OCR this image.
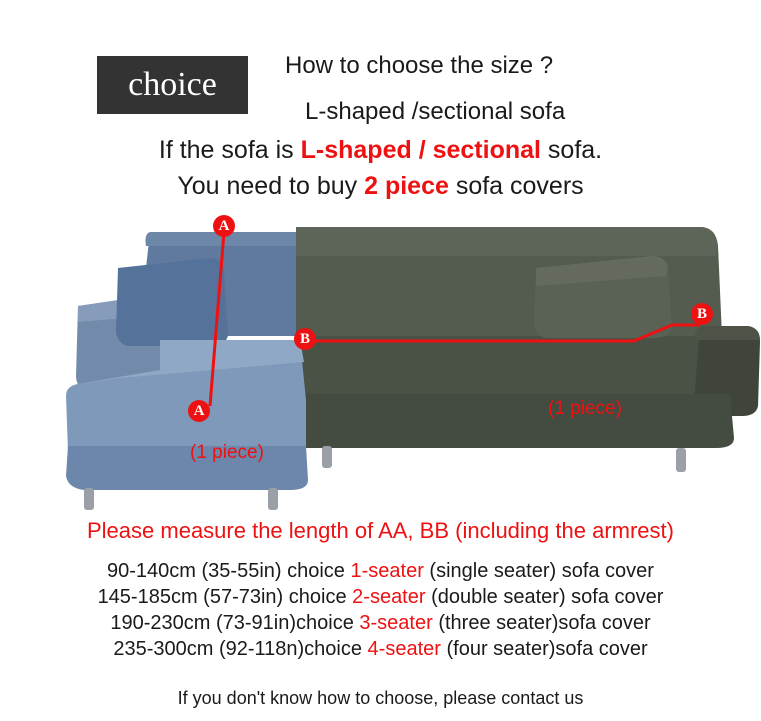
choice
How to choose the size ?
L-shaped /sectional sofa
If the sofa is L-shaped / sectional sofa.
You need to buy 2 piece sofa covers
A
A
B
B
(1 piece)
(1 piece)
Please measure the length of AA, BB (including the armrest)
90-140cm (35-55in) choice 1-seater (single seater) sofa cover
145-185cm (57-73in) choice 2-seater (double seater) sofa cover
190-230cm (73-91in)choice 3-seater (three seater)sofa cover
235-300cm (92-118n)choice 4-seater (four seater)sofa cover
If you don't know how to choose, please contact us
